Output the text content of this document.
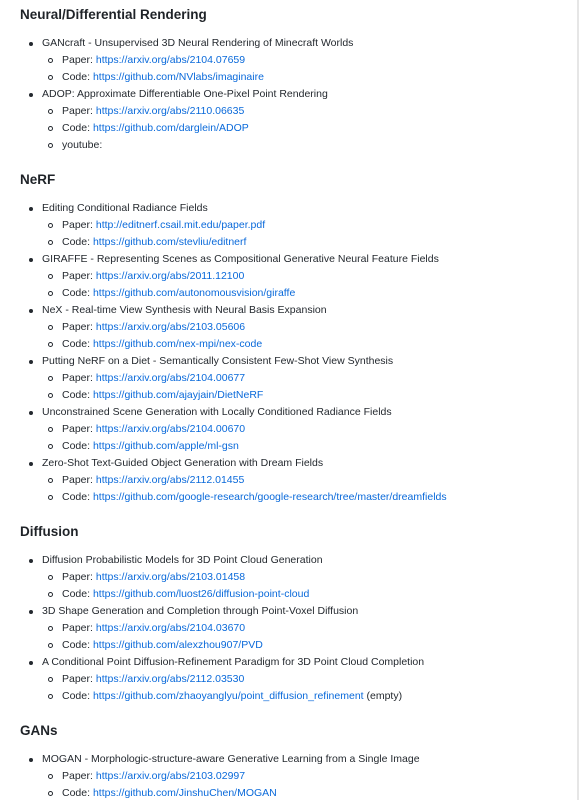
Neural/Differential Rendering
GANcraft - Unsupervised 3D Neural Rendering of Minecraft Worlds
Paper: https://arxiv.org/abs/2104.07659
Code: https://github.com/NVlabs/imaginaire
ADOP: Approximate Differentiable One-Pixel Point Rendering
Paper: https://arxiv.org/abs/2110.06635
Code: https://github.com/darglein/ADOP
youtube:
NeRF
Editing Conditional Radiance Fields
Paper: http://editnerf.csail.mit.edu/paper.pdf
Code: https://github.com/stevliu/editnerf
GIRAFFE - Representing Scenes as Compositional Generative Neural Feature Fields
Paper: https://arxiv.org/abs/2011.12100
Code: https://github.com/autonomousvision/giraffe
NeX - Real-time View Synthesis with Neural Basis Expansion
Paper: https://arxiv.org/abs/2103.05606
Code: https://github.com/nex-mpi/nex-code
Putting NeRF on a Diet - Semantically Consistent Few-Shot View Synthesis
Paper: https://arxiv.org/abs/2104.00677
Code: https://github.com/ajayjain/DietNeRF
Unconstrained Scene Generation with Locally Conditioned Radiance Fields
Paper: https://arxiv.org/abs/2104.00670
Code: https://github.com/apple/ml-gsn
Zero-Shot Text-Guided Object Generation with Dream Fields
Paper: https://arxiv.org/abs/2112.01455
Code: https://github.com/google-research/google-research/tree/master/dreamfields
Diffusion
Diffusion Probabilistic Models for 3D Point Cloud Generation
Paper: https://arxiv.org/abs/2103.01458
Code: https://github.com/luost26/diffusion-point-cloud
3D Shape Generation and Completion through Point-Voxel Diffusion
Paper: https://arxiv.org/abs/2104.03670
Code: https://github.com/alexzhou907/PVD
A Conditional Point Diffusion-Refinement Paradigm for 3D Point Cloud Completion
Paper: https://arxiv.org/abs/2112.03530
Code: https://github.com/zhaoyanglyu/point_diffusion_refinement (empty)
GANs
MOGAN - Morphologic-structure-aware Generative Learning from a Single Image
Paper: https://arxiv.org/abs/2103.02997
Code: https://github.com/JinshuChen/MOGAN
